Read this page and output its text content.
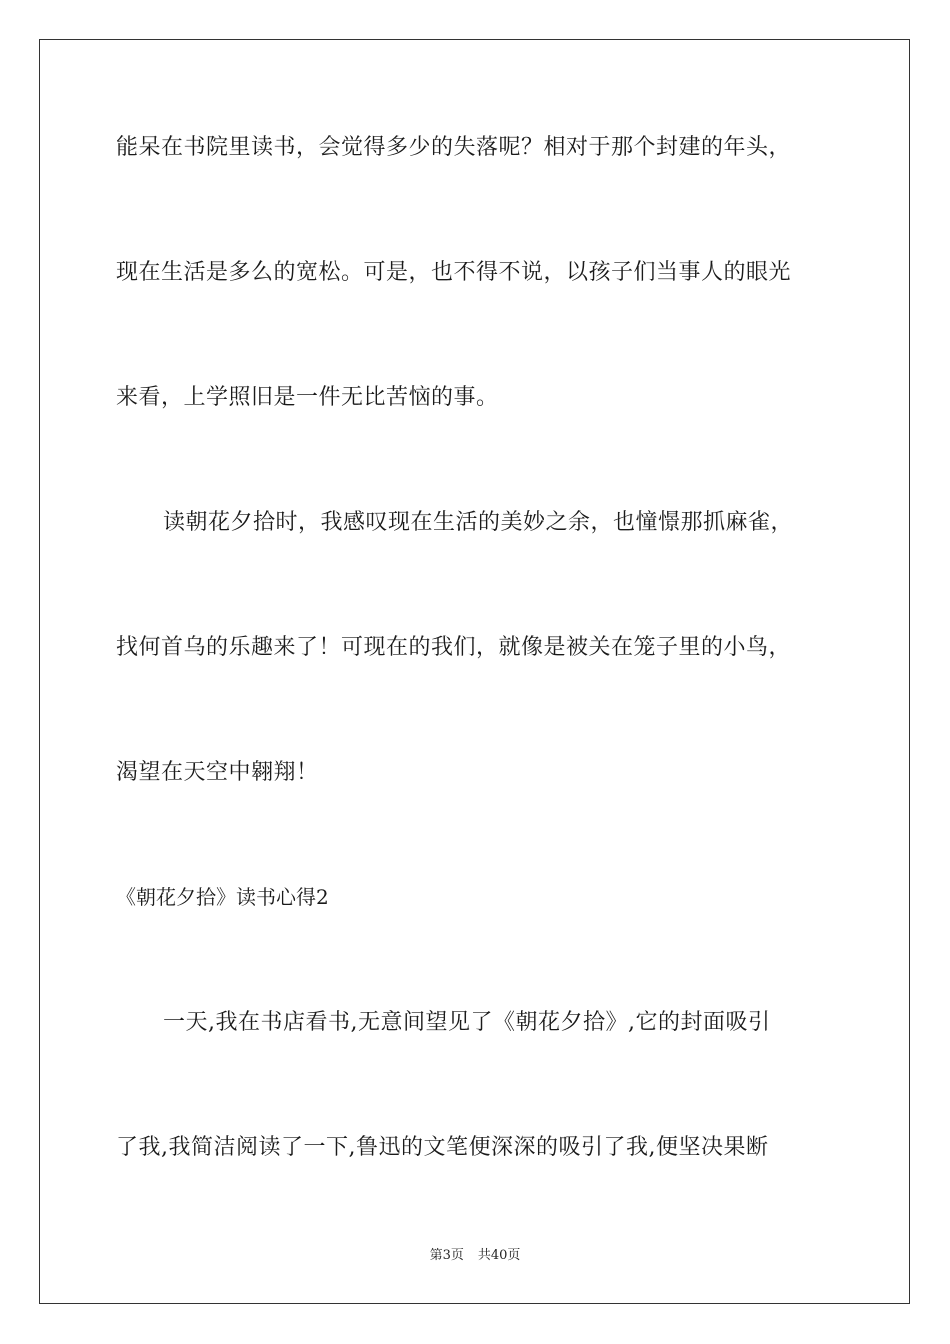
能呆在书院里读书，会觉得多少的失落呢？相对于那个封建的年头，
现在生活是多么的宽松。可是，也不得不说，以孩子们当事人的眼光
来看，上学照旧是一件无比苦恼的事。
读朝花夕拾时，我感叹现在生活的美妙之余，也憧憬那抓麻雀，
找何首乌的乐趣来了！可现在的我们，就像是被关在笼子里的小鸟，
渴望在天空中翱翔！
《朝花夕拾》读书心得2
一天,我在书店看书,无意间望见了《朝花夕拾》,它的封面吸引
了我,我简洁阅读了一下,鲁迅的文笔便深深的吸引了我,便坚决果断
第3页 共40页
